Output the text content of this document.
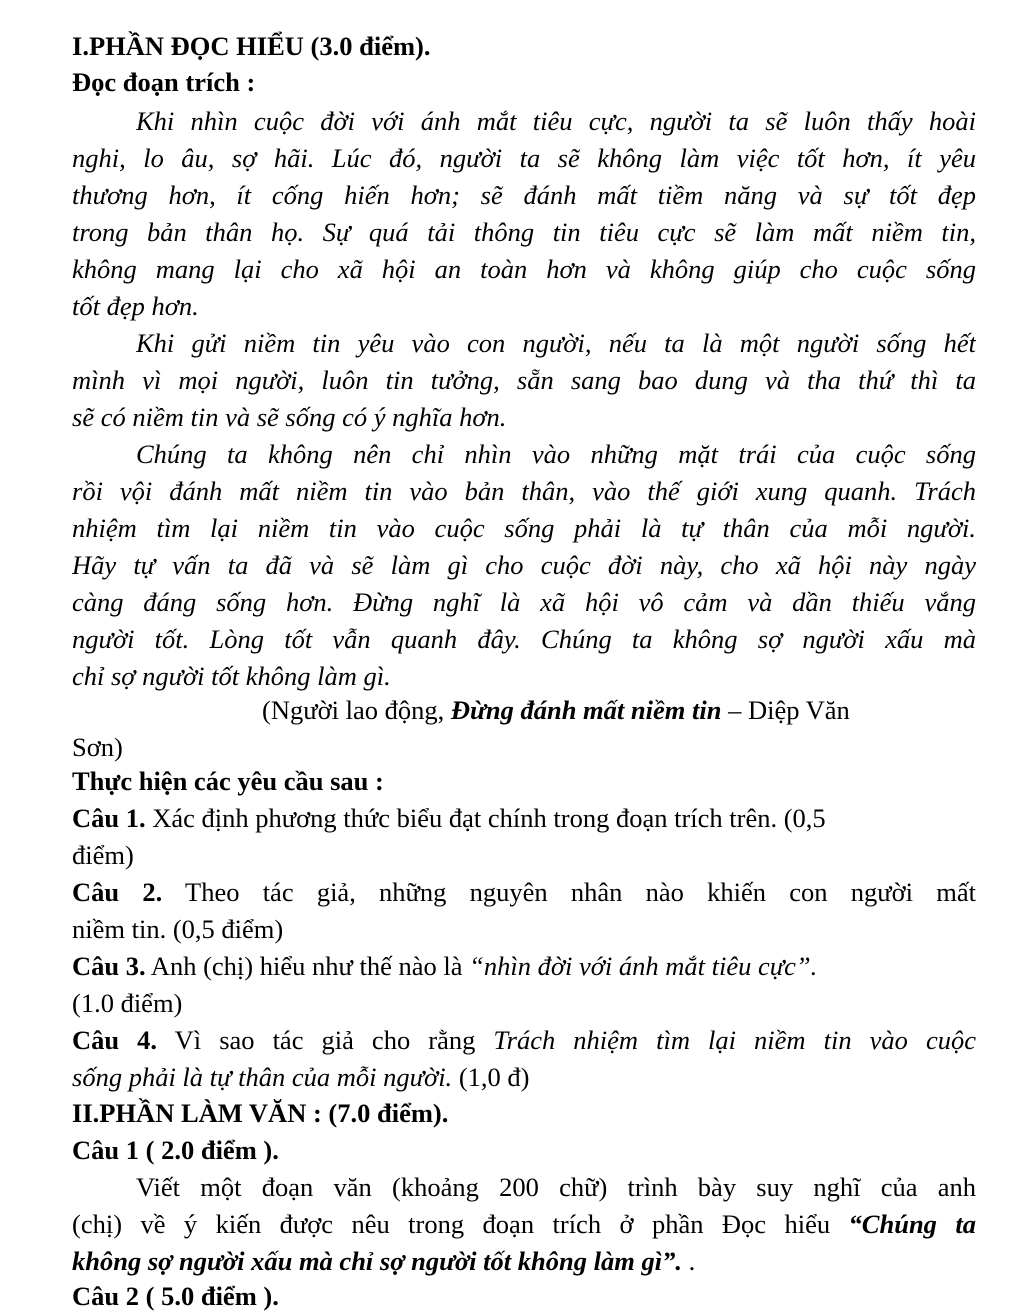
I.PHẦN ĐỌC HIỂU (3.0 điểm).
Đọc đoạn trích :
Khi nhìn cuộc đời với ánh mắt tiêu cực, người ta sẽ luôn thấy hoài
nghi, lo âu, sợ hãi. Lúc đó, người ta sẽ không làm việc tốt hơn, ít yêu
thương hơn, ít cống hiến hơn; sẽ đánh mất tiềm năng và sự tốt đẹp
trong bản thân họ. Sự quá tải thông tin tiêu cực sẽ làm mất niềm tin,
không mang lại cho xã hội an toàn hơn và không giúp cho cuộc sống
tốt đẹp hơn.
Khi gửi niềm tin yêu vào con người, nếu ta là một người sống hết
mình vì mọi người, luôn tin tưởng, sẵn sang bao dung và tha thứ thì ta
sẽ có niềm tin và sẽ sống có ý nghĩa hơn.
Chúng ta không nên chỉ nhìn vào những mặt trái của cuộc sống
rồi vội đánh mất niềm tin vào bản thân, vào thế giới xung quanh. Trách
nhiệm tìm lại niềm tin vào cuộc sống phải là tự thân của mỗi người.
Hãy tự vấn ta đã và sẽ làm gì cho cuộc đời này, cho xã hội này ngày
càng đáng sống hơn. Đừng nghĩ là xã hội vô cảm và dần thiếu vắng
người tốt. Lòng tốt vẫn quanh đây. Chúng ta không sợ người xấu mà
chỉ sợ người tốt không làm gì.
(Người lao động, Đừng đánh mất niềm tin – Diệp Văn
Sơn)
Thực hiện các yêu cầu sau :
Câu 1. Xác định phương thức biểu đạt chính trong đoạn trích trên. (0,5
điểm)
Câu 2. Theo tác giả, những nguyên nhân nào khiến con người mất
niềm tin. (0,5 điểm)
Câu 3. Anh (chị) hiểu như thế nào là “nhìn đời với ánh mắt tiêu cực”.
(1.0 điểm)
Câu 4. Vì sao tác giả cho rằng Trách nhiệm tìm lại niềm tin vào cuộc
sống phải là tự thân của mỗi người. (1,0 đ)
II.PHẦN LÀM VĂN : (7.0 điểm).
Câu 1 ( 2.0 điểm ).
Viết một đoạn văn (khoảng 200 chữ) trình bày suy nghĩ của anh
(chị) về ý kiến được nêu trong đoạn trích ở phần Đọc hiểu “Chúng ta
không sợ người xấu mà chỉ sợ người tốt không làm gì”. .
Câu 2 ( 5.0 điểm ).
